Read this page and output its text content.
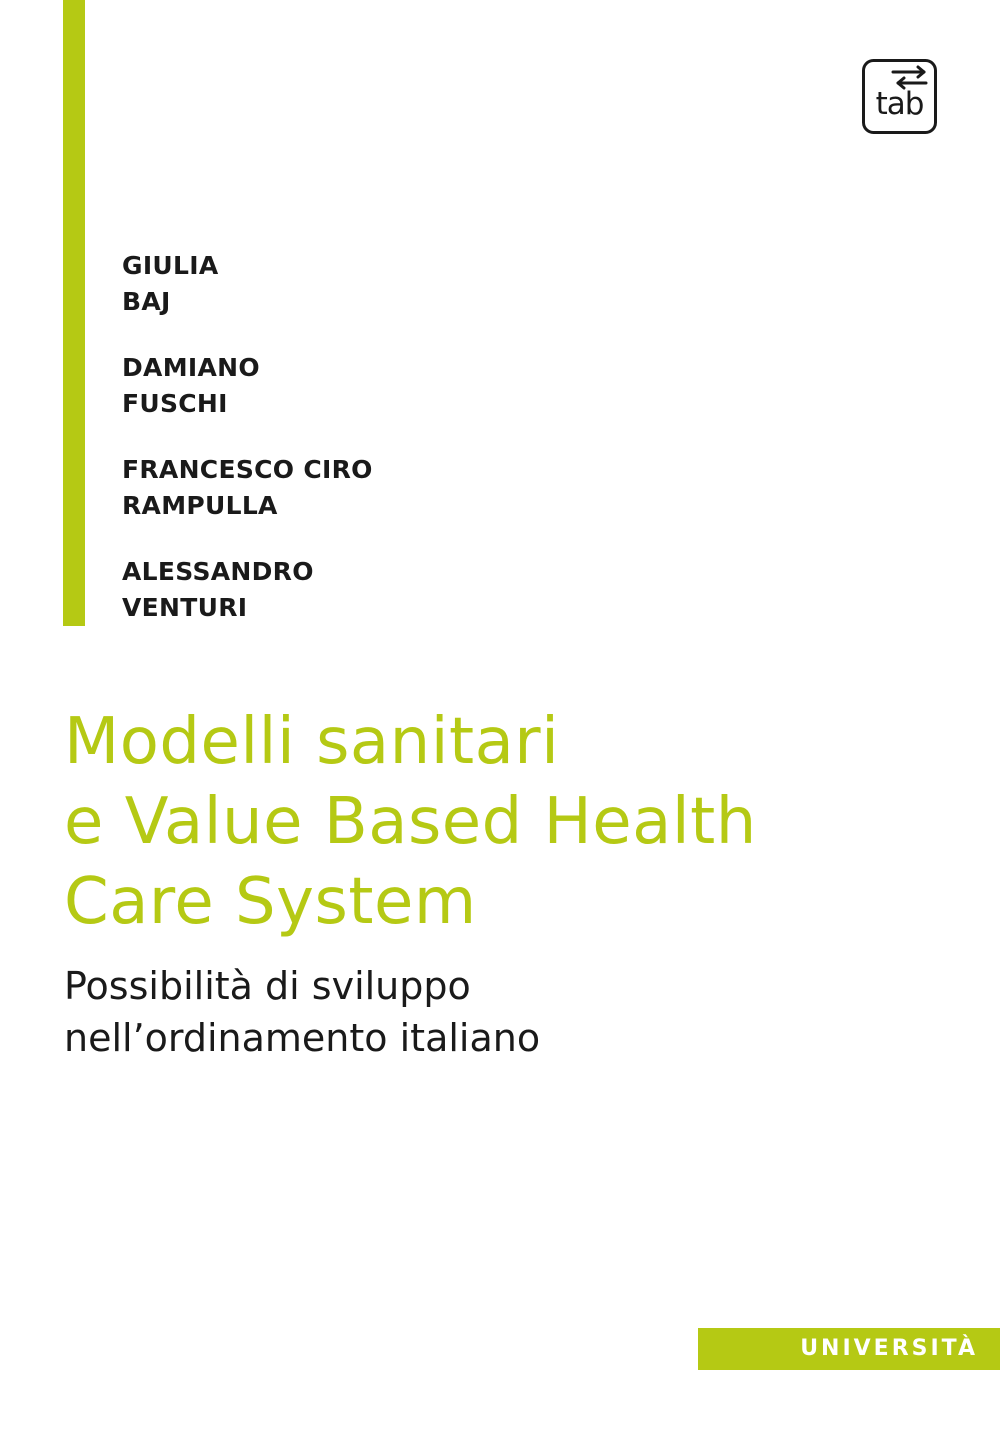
tab
GIULIA
BAJ
DAMIANO
FUSCHI
FRANCESCO CIRO
RAMPULLA
ALESSANDRO
VENTURI
Modelli sanitari
e Value Based Health
Care System
Possibilità di sviluppo
nell’ordinamento italiano
UNIVERSITÀ
